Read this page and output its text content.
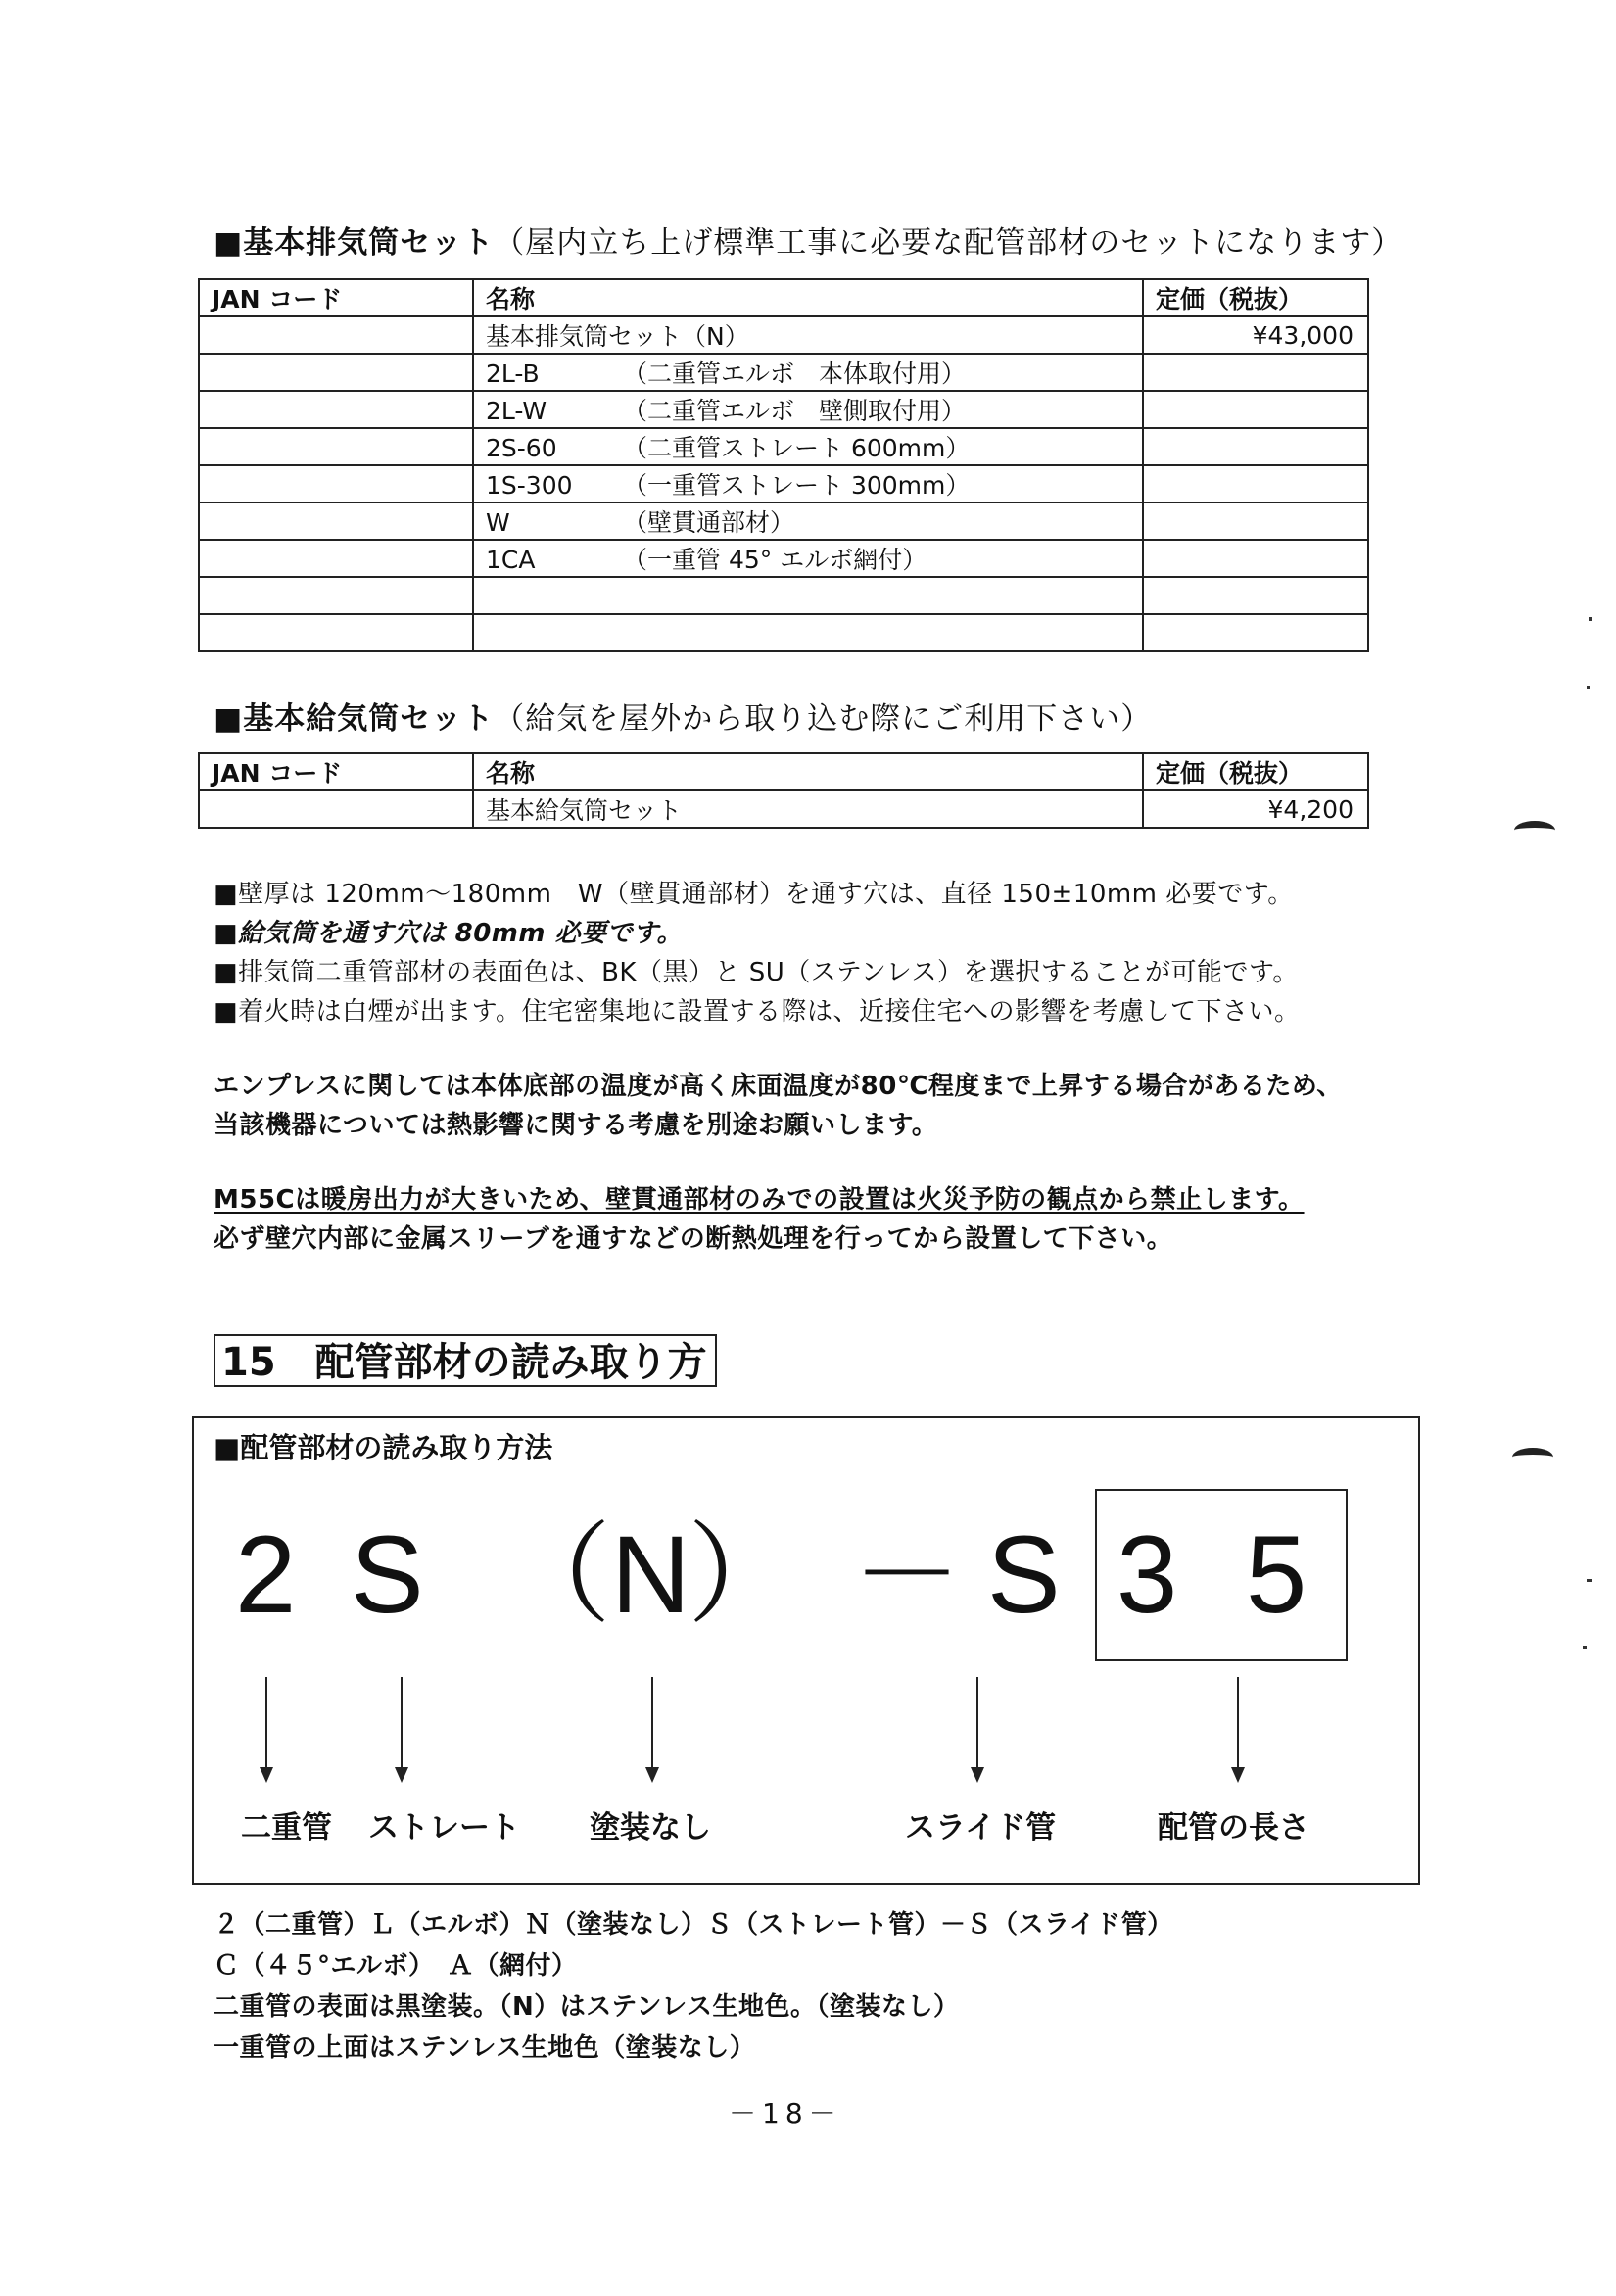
■基本排気筒セット（屋内立ち上げ標準工事に必要な配管部材のセットになります）
JAN コード	名称	定価（税抜）
	基本排気筒セット（N）	¥43,000
	2L-B （二重管エルボ　本体取付用）	
	2L-W （二重管エルボ　壁側取付用）	
	2S-60 （二重管ストレート 600mm）	
	1S-300 （一重管ストレート 300mm）	
	W （壁貫通部材）	
	1CA （一重管 45° エルボ網付）	

■基本給気筒セット（給気を屋外から取り込む際にご利用下さい）
JAN コード	名称	定価（税抜）
	基本給気筒セット	¥4,200
■壁厚は 120mm～180mm　W（壁貫通部材）を通す穴は、直径 150±10mm 必要です。
■給気筒を通す穴は 80mm 必要です。
■排気筒二重管部材の表面色は、BK（黒）と SU（ステンレス）を選択することが可能です。
■着火時は白煙が出ます。住宅密集地に設置する際は、近接住宅への影響を考慮して下さい。
エンプレスに関しては本体底部の温度が高く床面温度が80℃程度まで上昇する場合があるため、
当該機器については熱影響に関する考慮を別途お願いします。
M55Cは暖房出力が大きいため、壁貫通部材のみでの設置は火災予防の観点から禁止します。
必ず壁穴内部に金属スリーブを通すなどの断熱処理を行ってから設置して下さい。
15　配管部材の読み取り方
■配管部材の読み取り方法
2 S （ N
） － S 3 5
二重管 ストレート 塗装なし	スライド管	配管の長さ
２（二重管）Ｌ（エルボ）Ｎ（塗装なし）Ｓ（ストレート管）－Ｓ（スライド管）
Ｃ（４５°エルボ）　Ａ（網付）
二重管の表面は黒塗装。（N）はステンレス生地色。（塗装なし）
一重管の上面はステンレス生地色（塗装なし）
－18－
